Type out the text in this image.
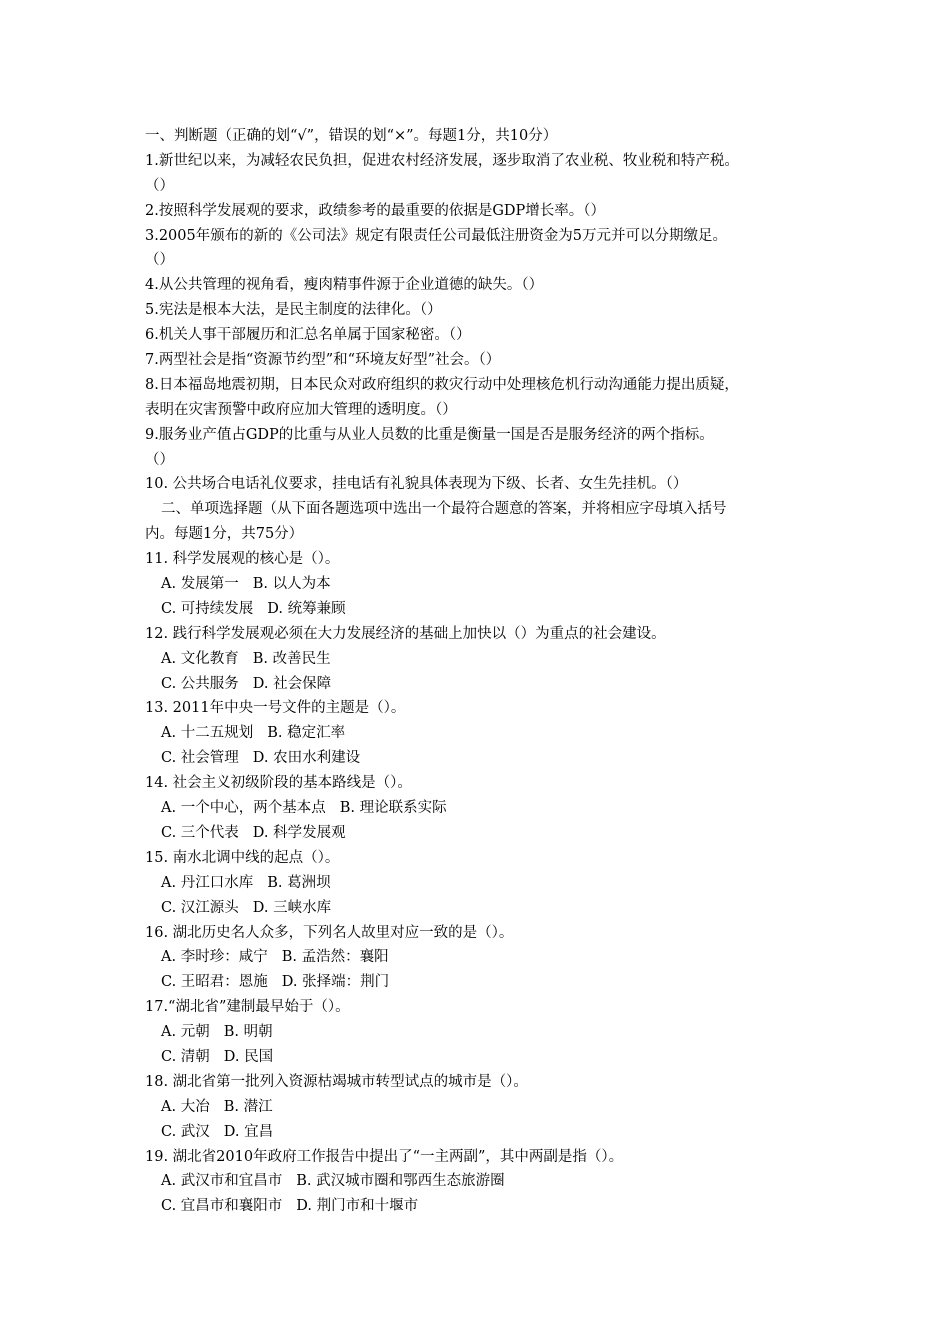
一、判断题（正确的划“√”，错误的划“×”。每题1分，共10分）
1.新世纪以来，为减轻农民负担，促进农村经济发展，逐步取消了农业税、牧业税和特产税。
（）
2.按照科学发展观的要求，政绩参考的最重要的依据是GDP增长率。（）
3.2005年颁布的新的《公司法》规定有限责任公司最低注册资金为5万元并可以分期缴足。
（）
4.从公共管理的视角看，瘦肉精事件源于企业道德的缺失。（）
5.宪法是根本大法，是民主制度的法律化。（）
6.机关人事干部履历和汇总名单属于国家秘密。（）
7.两型社会是指“资源节约型”和“环境友好型”社会。（）
8.日本福岛地震初期，日本民众对政府组织的救灾行动中处理核危机行动沟通能力提出质疑，
表明在灾害预警中政府应加大管理的透明度。（）
9.服务业产值占GDP的比重与从业人员数的比重是衡量一国是否是服务经济的两个指标。
（）
10. 公共场合电话礼仪要求，挂电话有礼貌具体表现为下级、长者、女生先挂机。（）
二、单项选择题（从下面各题选项中选出一个最符合题意的答案，并将相应字母填入括号
内。每题1分，共75分）
11. 科学发展观的核心是（）。
A. 发展第一 B. 以人为本
C. 可持续发展 D. 统筹兼顾
12. 践行科学发展观必须在大力发展经济的基础上加快以（）为重点的社会建设。
A. 文化教育 B. 改善民生
C. 公共服务 D. 社会保障
13. 2011年中央一号文件的主题是（）。
A. 十二五规划 B. 稳定汇率
C. 社会管理 D. 农田水利建设
14. 社会主义初级阶段的基本路线是（）。
A. 一个中心，两个基本点 B. 理论联系实际
C. 三个代表 D. 科学发展观
15. 南水北调中线的起点（）。
A. 丹江口水库 B. 葛洲坝
C. 汉江源头 D. 三峡水库
16. 湖北历史名人众多，下列名人故里对应一致的是（）。
A. 李时珍：咸宁 B. 孟浩然：襄阳
C. 王昭君：恩施 D. 张择端：荆门
17.“湖北省”建制最早始于（）。
A. 元朝 B. 明朝
C. 清朝 D. 民国
18. 湖北省第一批列入资源枯竭城市转型试点的城市是（）。
A. 大冶 B. 潜江
C. 武汉 D. 宜昌
19. 湖北省2010年政府工作报告中提出了“一主两副”，其中两副是指（）。
A. 武汉市和宜昌市 B. 武汉城市圈和鄂西生态旅游圈
C. 宜昌市和襄阳市 D. 荆门市和十堰市
